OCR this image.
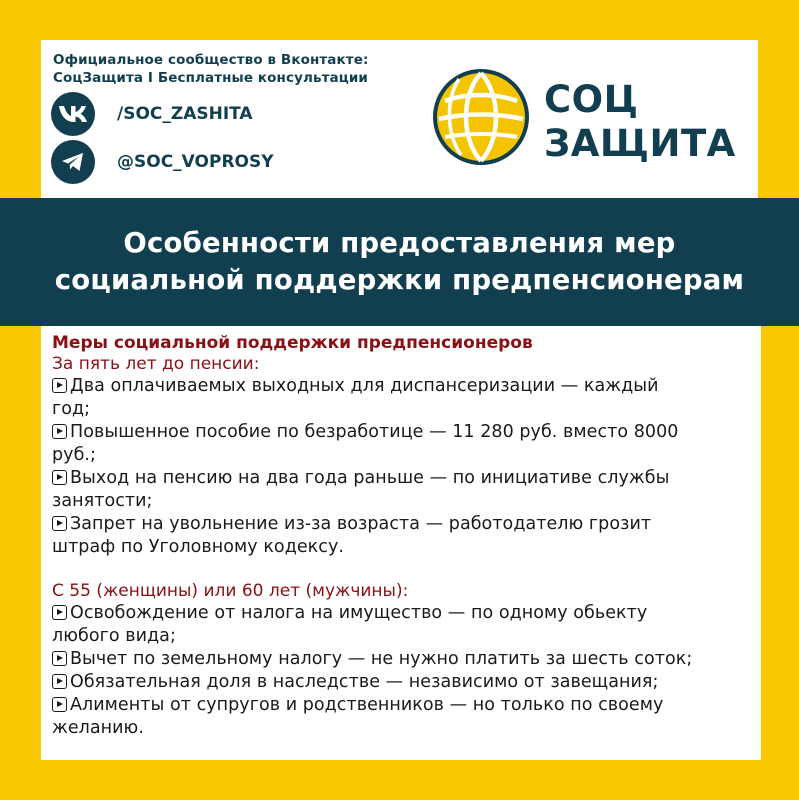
Официальное сообщество в Вконтакте:
СоцЗащита I Бесплатные консультации
/SOC_ZASHITA
@SOC_VOPROSY
СОЦ
ЗАЩИТА
Особенности предоставления мер
социальной поддержки предпенсионерам
Меры социальной поддержки предпенсионеров
За пять лет до пенсии:
Два оплачиваемых выходных для диспансеризации — каждый
год;
Повышенное пособие по безработице — 11 280 руб. вместо 8000
руб.;
Выход на пенсию на два года раньше — по инициативе службы
занятости;
Запрет на увольнение из-за возраста — работодателю грозит
штраф по Уголовному кодексу.
С 55 (женщины) или 60 лет (мужчины):
Освобождение от налога на имущество — по одному обьекту
любого вида;
Вычет по земельному налогу — не нужно платить за шесть соток;
Обязательная доля в наследстве — независимо от завещания;
Алименты от супругов и родственников — но только по своему
желанию.
